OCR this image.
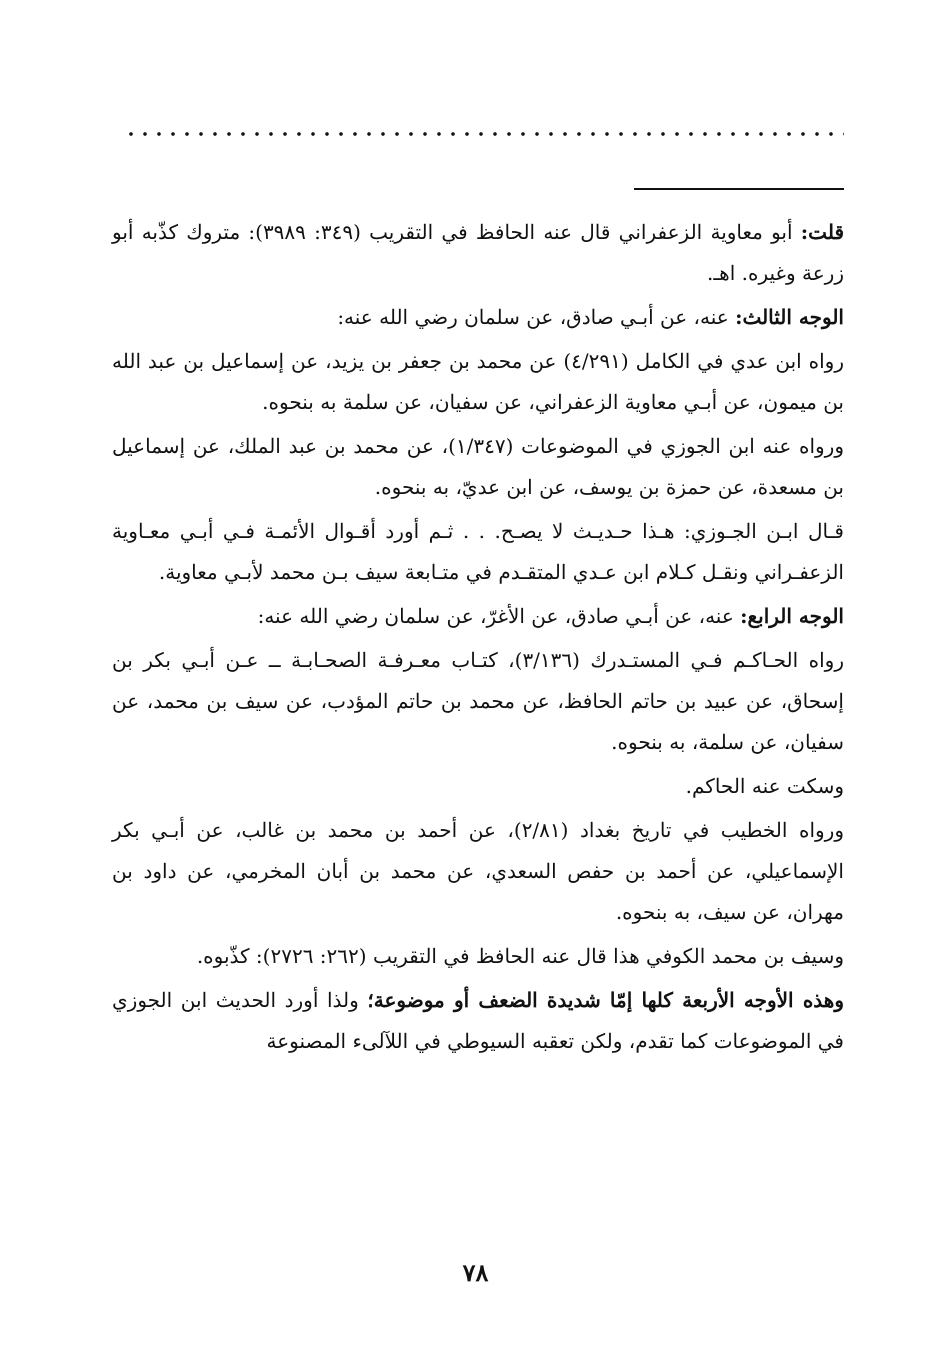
قلت: أبو معاوية الزعفراني قال عنه الحافظ في التقريب (٣٤٩: ٣٩٨٩): متروك كذّبه أبو زرعة وغيره. اهـ.

الوجه الثالث: عنه، عن أبـي صادق، عن سلمان رضي الله عنه:

رواه ابن عدي في الكامل (٤/٢٩١) عن محمد بن جعفر بن يزيد، عن إسماعيل بن عبد الله بن ميمون، عن أبـي معاوية الزعفراني، عن سفيان، عن سلمة به بنحوه.

ورواه عنه ابن الجوزي في الموضوعات (١/٣٤٧)، عن محمد بن عبد الملك، عن إسماعيل بن مسعدة، عن حمزة بن يوسف، عن ابن عديّ، به بنحوه.

قـال ابـن الجـوزي: هـذا حـديـث لا يصـح. . . ثـم أورد أقـوال الأئمـة فـي أبـي معـاوية الزعفـراني ونقـل كـلام ابن عـدي المتقـدم في متـابعة سيف بـن محمد لأبـي معاوية.

الوجه الرابع: عنه، عن أبـي صادق، عن الأغرّ، عن سلمان رضي الله عنه:

رواه الحـاكـم فـي المستـدرك (٣/١٣٦)، كتـاب معـرفـة الصحـابـة ــ عـن أبـي بكر بن إسحاق، عن عبيد بن حاتم الحافظ، عن محمد بن حاتم المؤدب، عن سيف بن محمد، عن سفيان، عن سلمة، به بنحوه.

وسكت عنه الحاكم.

ورواه الخطيب في تاريخ بغداد (٢/٨١)، عن أحمد بن محمد بن غالب، عن أبـي بكر الإسماعيلي، عن أحمد بن حفص السعدي، عن محمد بن أبان المخرمي، عن داود بن مهران، عن سيف، به بنحوه.

وسيف بن محمد الكوفي هذا قال عنه الحافظ في التقريب (٢٦٢: ٢٧٢٦): كذّبوه.

وهذه الأوجه الأربعة كلها إمّا شديدة الضعف أو موضوعة؛ ولذا أورد الحديث ابن الجوزي في الموضوعات كما تقدم، ولكن تعقبه السيوطي في اللآلىء المصنوعة

٧٨
